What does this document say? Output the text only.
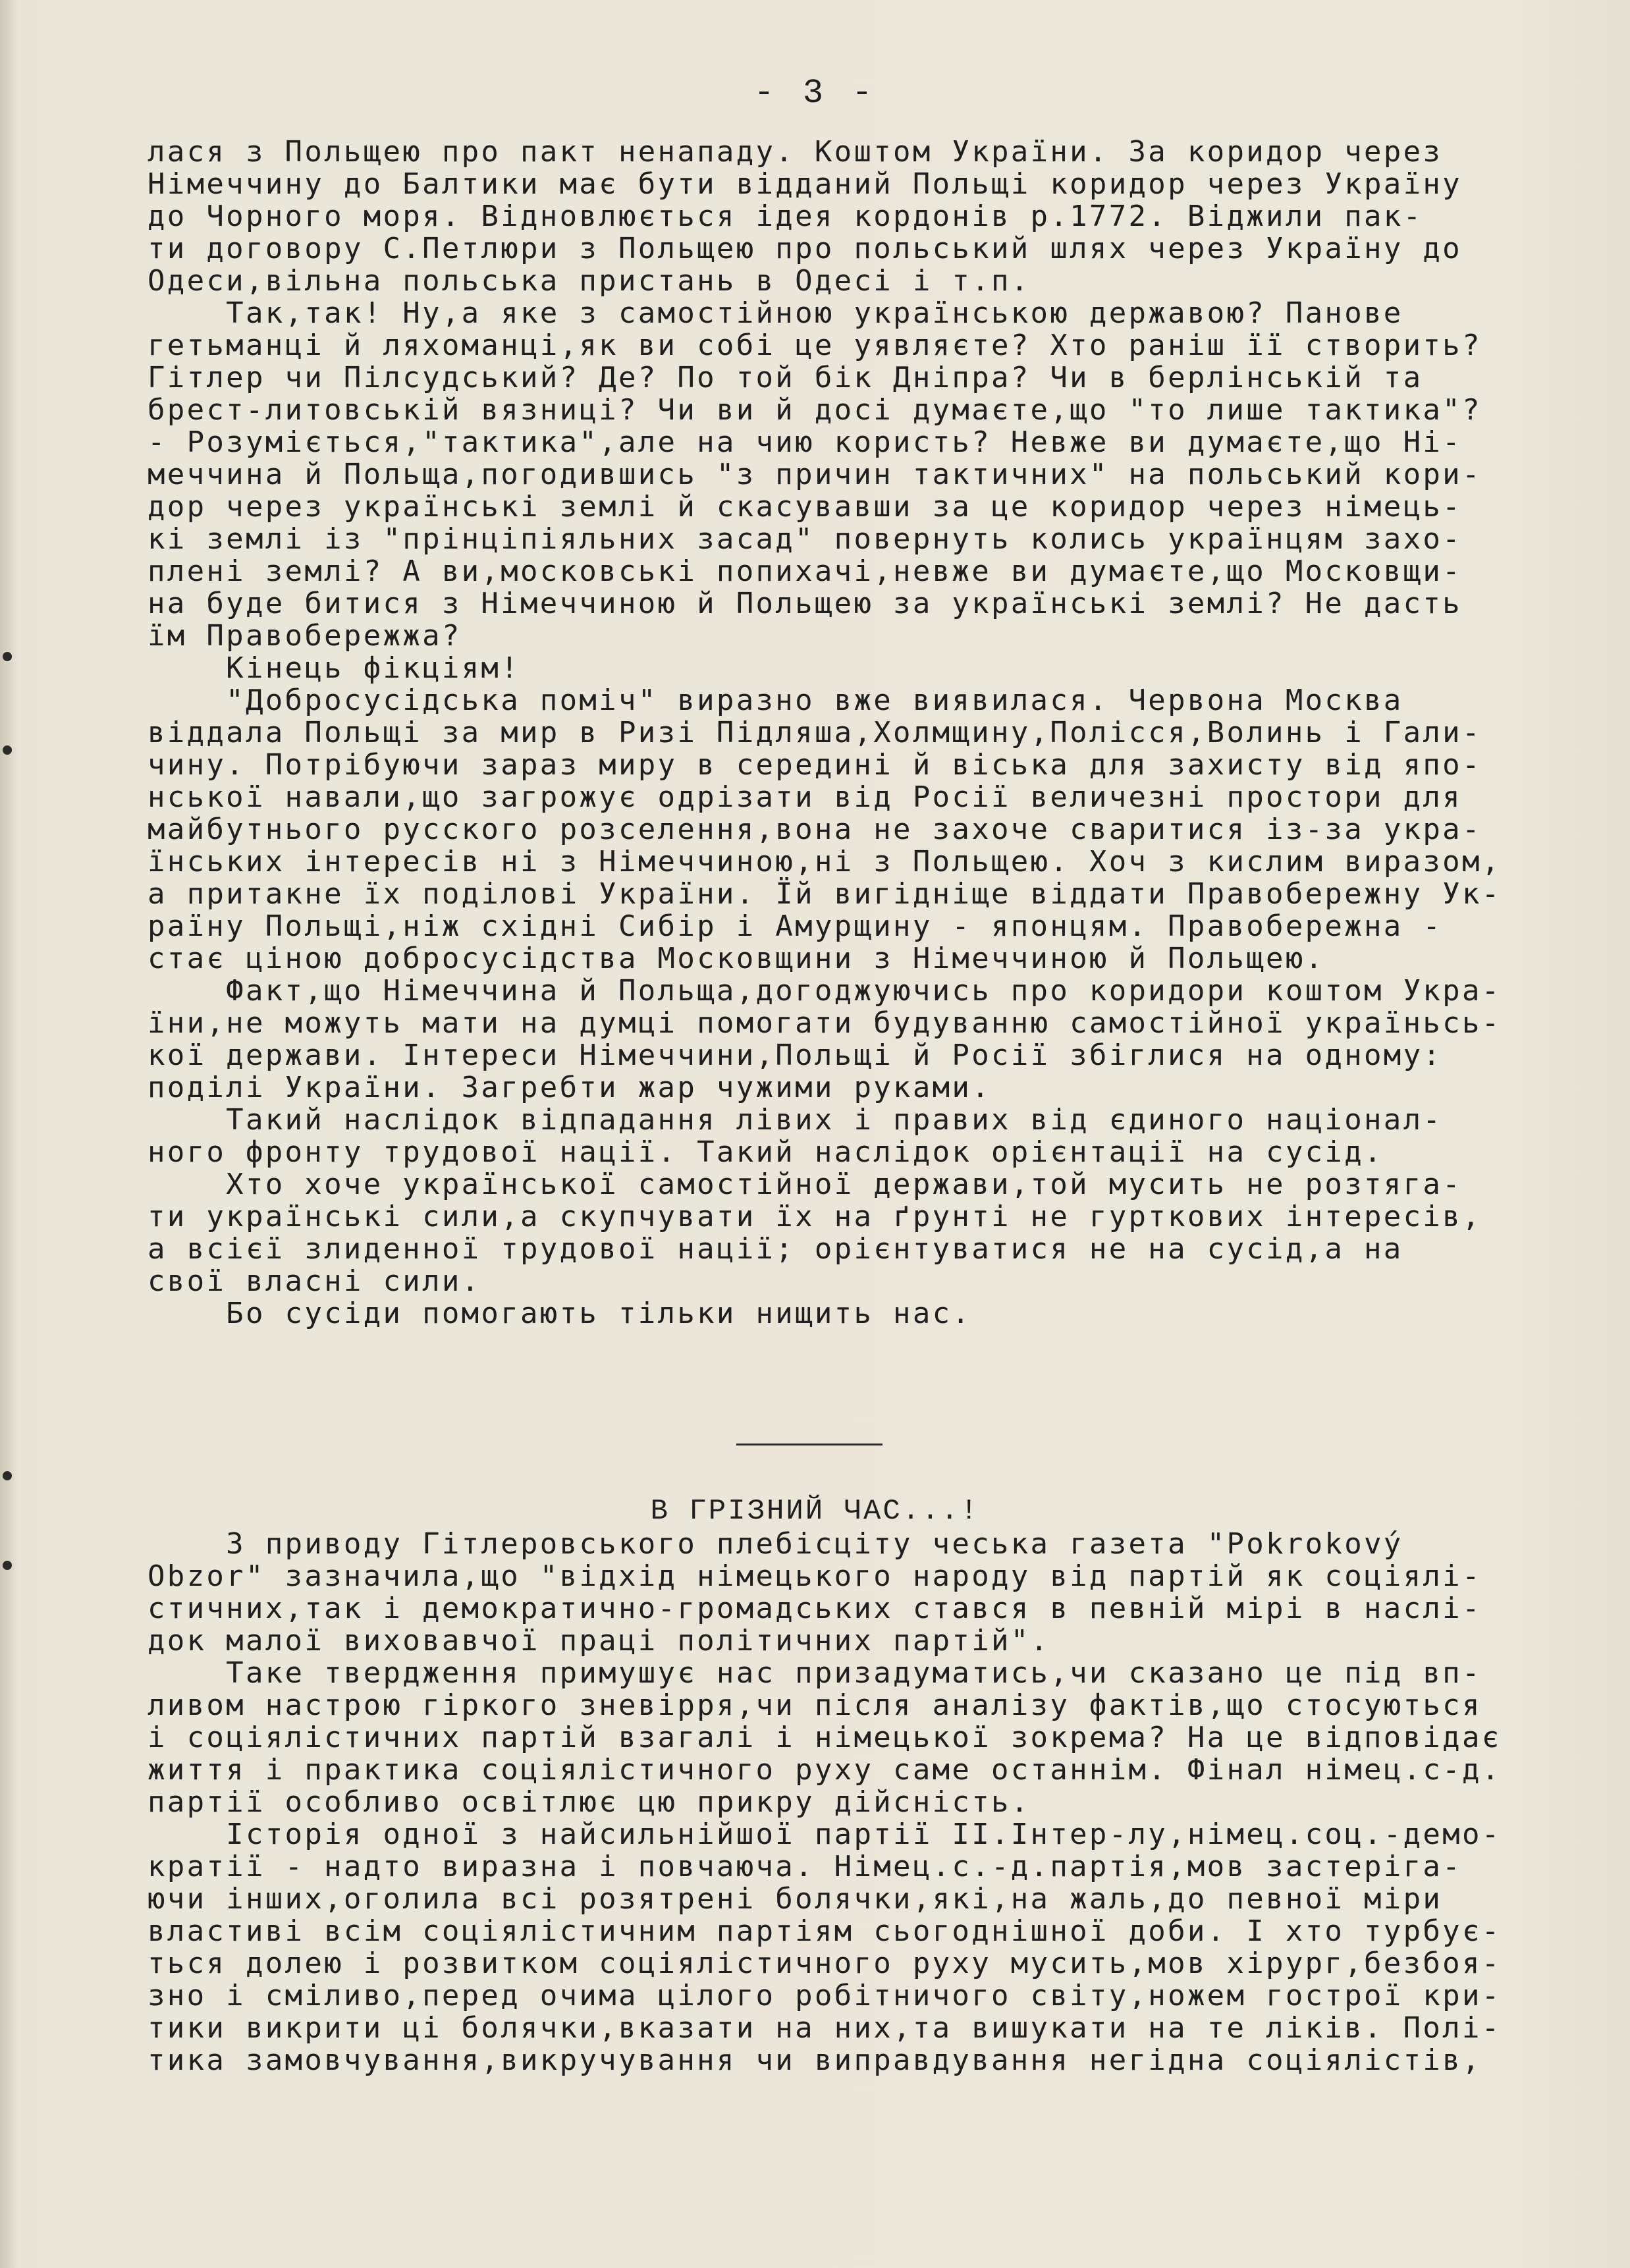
- 3 -
лася з Польщею про пакт ненападу. Коштом України. За коридор через
Німеччину до Балтики має бути відданий Польщі коридор через Україну
до Чорного моря. Відновлюється ідея кордонів р.1772. Віджили пак-
ти договору С.Петлюри з Польщею про польський шлях через Україну до
Одеси,вільна польська пристань в Одесі і т.п.
Так,так! Ну,а яке з самостійною українською державою? Панове
гетьманці й ляхоманці,як ви собі це уявляєте? Хто раніш її створить?
Гітлер чи Пілсудський? Де? По той бік Дніпра? Чи в берлінській та
брест-литовській вязниці? Чи ви й досі думаєте,що "то лише тактика"?
- Розуміється,"тактика",але на чию користь? Невже ви думаєте,що Ні-
меччина й Польща,погодившись "з причин тактичних" на польський кори-
дор через українські землі й скасувавши за це коридор через німець-
кі землі із "прінціпіяльних засад" повернуть колись українцям захо-
плені землі? А ви,московські попихачі,невже ви думаєте,що Московщи-
на буде битися з Німеччиною й Польщею за українські землі? Не дасть
їм Правобережжа?
Кінець фікціям!
"Добросусідська поміч" виразно вже виявилася. Червона Москва
віддала Польщі за мир в Ризі Підляша,Холмщину,Полісся,Волинь і Гали-
чину. Потрібуючи зараз миру в середині й віська для захисту від япо-
нської навали,що загрожує одрізати від Росії величезні простори для
майбутнього русского розселення,вона не захоче сваритися із-за укра-
їнських інтересів ні з Німеччиною,ні з Польщею. Хоч з кислим виразом,
а притакне їх поділові України. Їй вигідніще віддати Правобережну Ук-
раїну Польщі,ніж східні Сибір і Амурщину - японцям. Правобережна -
стає ціною добросусідства Московщини з Німеччиною й Польщею.
Факт,що Німеччина й Польща,догоджуючись про коридори коштом Укра-
їни,не можуть мати на думці помогати будуванню самостійної україньсь-
кої держави. Інтереси Німеччини,Польщі й Росії збіглися на одному:
поділі України. Загребти жар чужими руками.
Такий наслідок відпадання лівих і правих від єдиного націонал-
ного фронту трудової нації. Такий наслідок орієнтації на сусід.
Хто хоче української самостійної держави,той мусить не розтяга-
ти українські сили,а скупчувати їх на ґрунті не гурткових інтересів,
а всієї злиденної трудової нації; орієнтуватися не на сусід,а на
свої власні сили.
Бо сусіди помогають тільки нищить нас.
В ГРІЗНИЙ ЧАС...!
З приводу Гітлеровського плебісціту чеська газета "Pokrokový
Obzor" зазначила,що "відхід німецького народу від партій як соціялі-
стичних,так і демократично-громадських стався в певній мірі в наслі-
док малої виховавчої праці політичних партій".
Таке твердження примушує нас призадуматись,чи сказано це під вп-
ливом настрою гіркого зневірря,чи після аналізу фактів,що стосуються
і соціялістичних партій взагалі і німецької зокрема? На це відповідає
життя і практика соціялістичного руху саме останнім. Фінал німец.с-д.
партії особливо освітлює цю прикру дійсність.
Історія одної з найсильнійшої партії ІІ.Інтер-лу,німец.соц.-демо-
кратії - надто виразна і повчаюча. Німец.с.-д.партія,мов застеріга-
ючи інших,оголила всі розятрені болячки,які,на жаль,до певної міри
властиві всім соціялістичним партіям сьогоднішної доби. І хто турбує-
ться долею і розвитком соціялістичного руху мусить,мов хірург,безбоя-
зно і сміливо,перед очима цілого робітничого світу,ножем гострої кри-
тики викрити ці болячки,вказати на них,та вишукати на те ліків. Полі-
тика замовчування,викручування чи виправдування негідна соціялістів,
